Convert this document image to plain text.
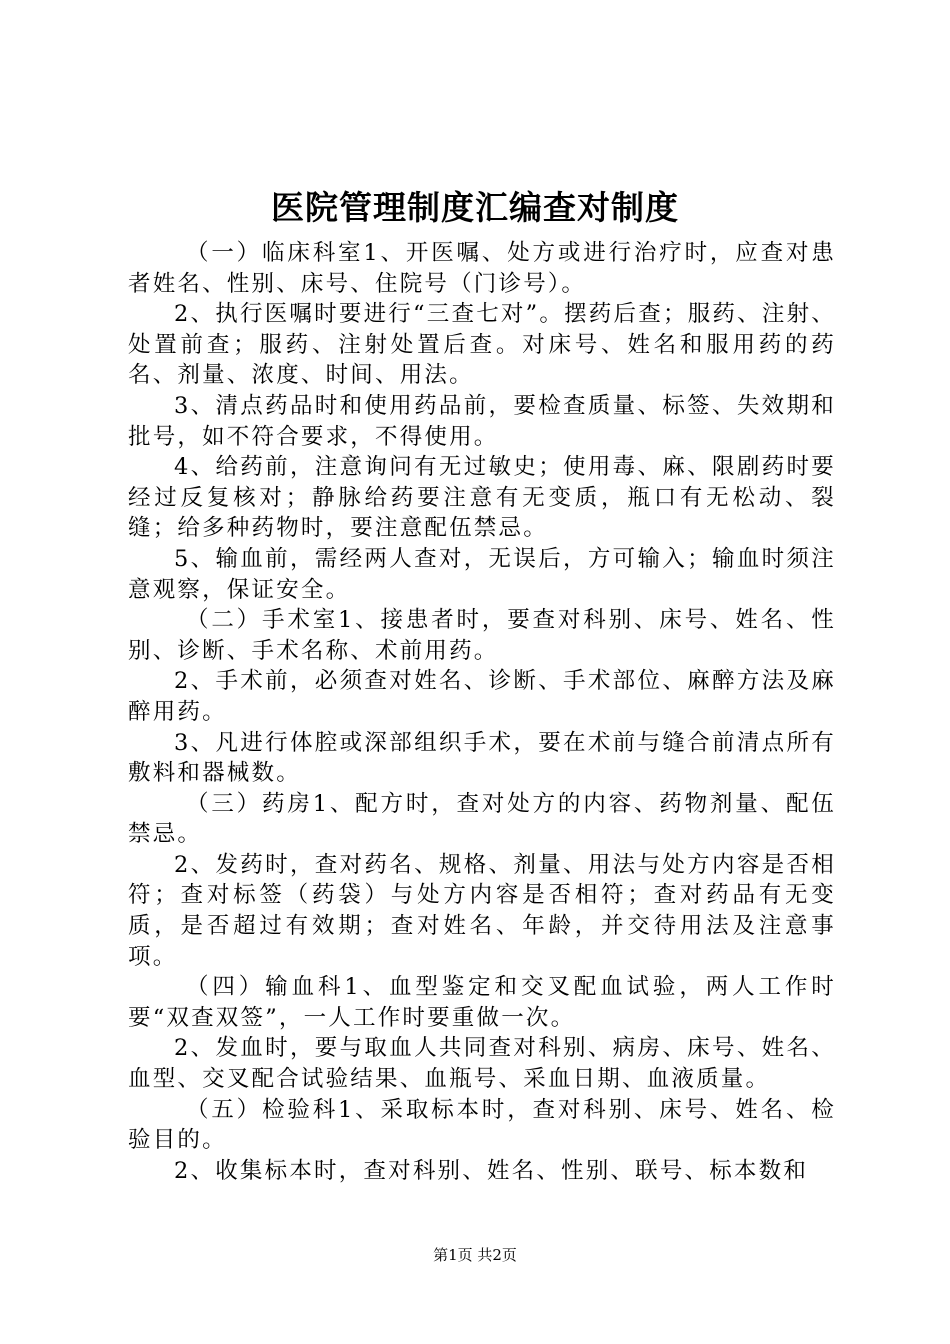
医院管理制度汇编查对制度

（一）临床科室1、开医嘱、处方或进行治疗时，应查对患者姓名、性别、床号、住院号（门诊号）。

2、执行医嘱时要进行“三查七对”。摆药后查；服药、注射、处置前查；服药、注射处置后查。对床号、姓名和服用药的药名、剂量、浓度、时间、用法。

3、清点药品时和使用药品前，要检查质量、标签、失效期和批号，如不符合要求，不得使用。

4、给药前，注意询问有无过敏史；使用毒、麻、限剧药时要经过反复核对；静脉给药要注意有无变质，瓶口有无松动、裂缝；给多种药物时，要注意配伍禁忌。

5、输血前，需经两人查对，无误后，方可输入；输血时须注意观察，保证安全。

（二）手术室1、接患者时，要查对科别、床号、姓名、性别、诊断、手术名称、术前用药。

2、手术前，必须查对姓名、诊断、手术部位、麻醉方法及麻醉用药。

3、凡进行体腔或深部组织手术，要在术前与缝合前清点所有敷料和器械数。

（三）药房1、配方时，查对处方的内容、药物剂量、配伍禁忌。

2、发药时，查对药名、规格、剂量、用法与处方内容是否相符；查对标签（药袋）与处方内容是否相符；查对药品有无变质，是否超过有效期；查对姓名、年龄，并交待用法及注意事项。

（四）输血科1、血型鉴定和交叉配血试验，两人工作时要“双查双签”，一人工作时要重做一次。

2、发血时，要与取血人共同查对科别、病房、床号、姓名、血型、交叉配合试验结果、血瓶号、采血日期、血液质量。

（五）检验科1、采取标本时，查对科别、床号、姓名、检验目的。

2、收集标本时，查对科别、姓名、性别、联号、标本数和

第1页 共2页
